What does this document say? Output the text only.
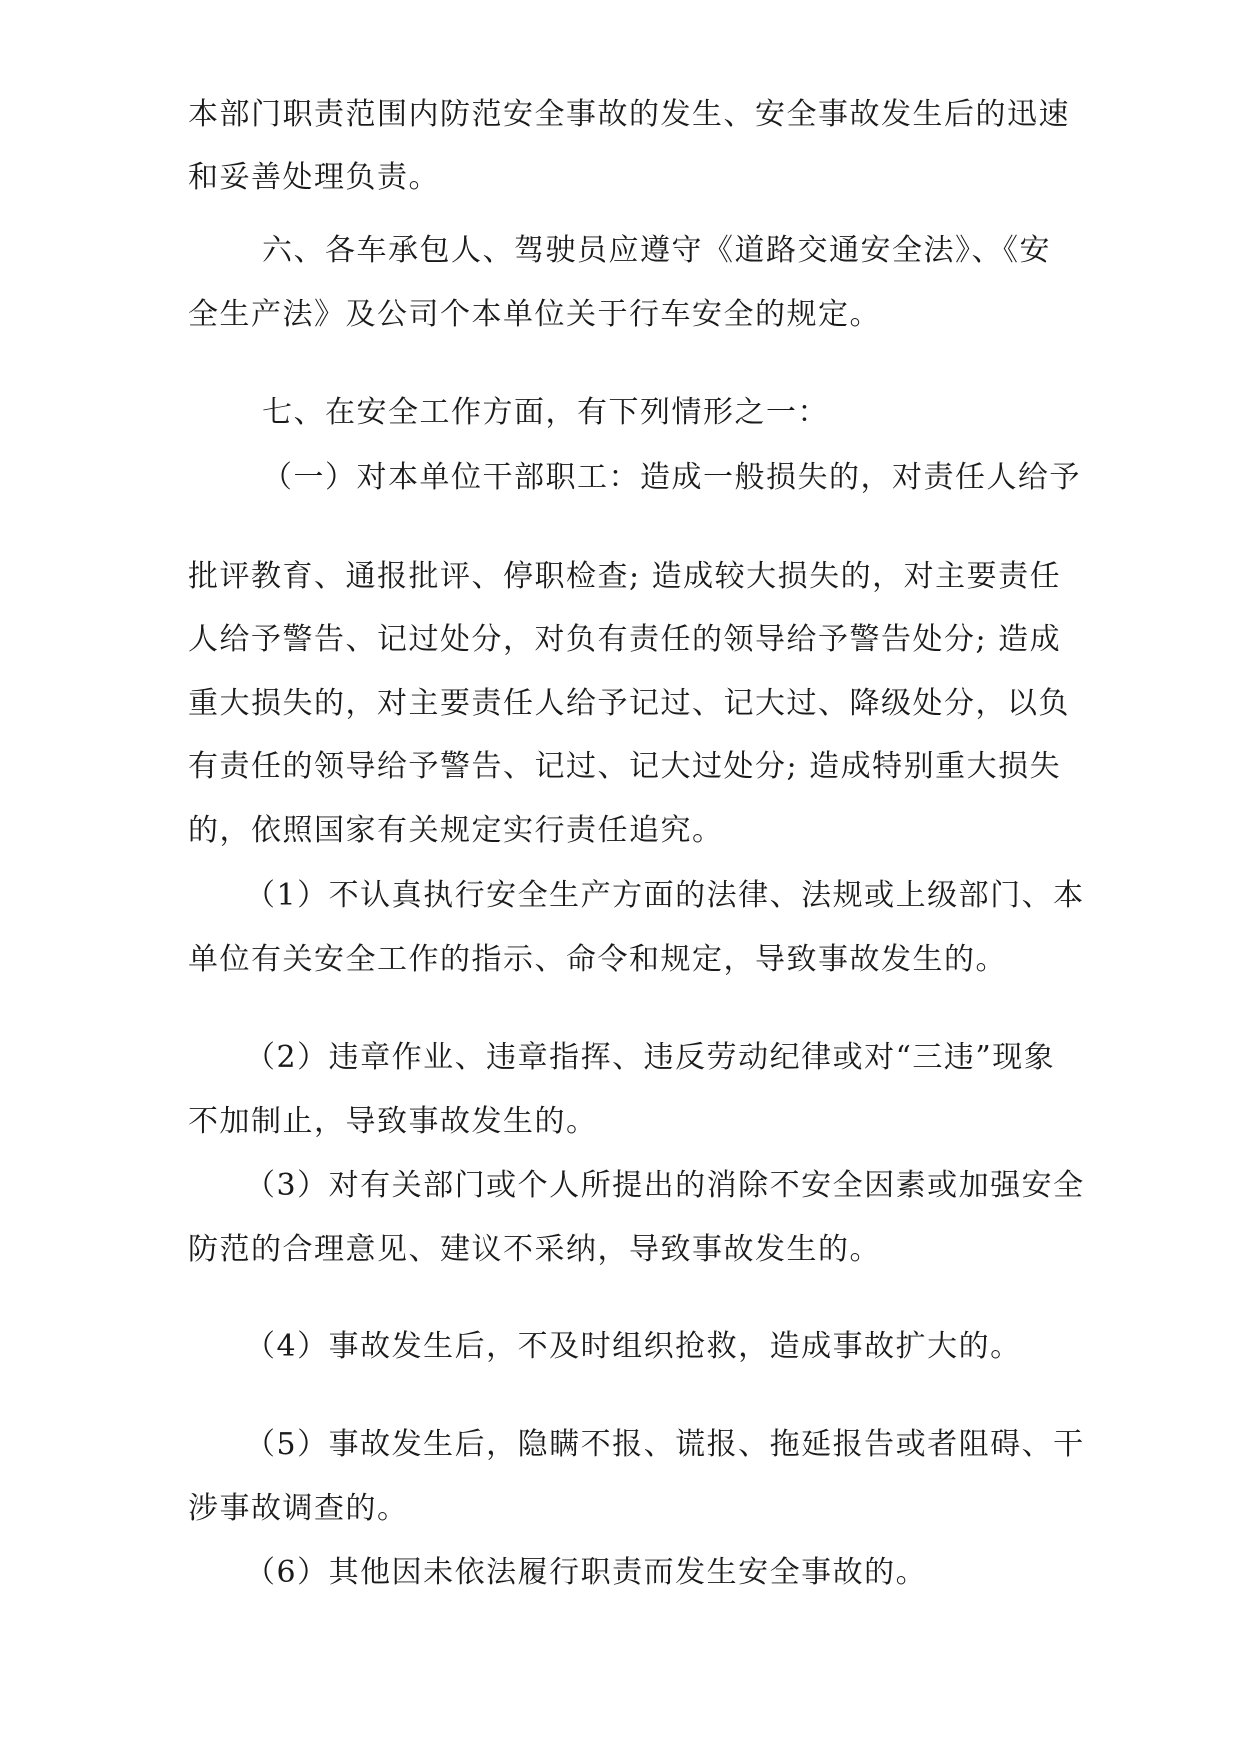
本部门职责范围内防范安全事故的发生、安全事故发生后的迅速
和妥善处理负责。
六、各车承包人、驾驶员应遵守《道路交通安全法》、《安
全生产法》及公司个本单位关于行车安全的规定。
七、在安全工作方面，有下列情形之一：
（一）对本单位干部职工：造成一般损失的，对责任人给予
批评教育、通报批评、停职检查; 造成较大损失的，对主要责任
人给予警告、记过处分，对负有责任的领导给予警告处分; 造成
重大损失的，对主要责任人给予记过、记大过、降级处分，以负
有责任的领导给予警告、记过、记大过处分; 造成特别重大损失
的，依照国家有关规定实行责任追究。
（1）不认真执行安全生产方面的法律、法规或上级部门、本
单位有关安全工作的指示、命令和规定，导致事故发生的。
（2）违章作业、违章指挥、违反劳动纪律或对“三违”现象
不加制止，导致事故发生的。
（3）对有关部门或个人所提出的消除不安全因素或加强安全
防范的合理意见、建议不采纳，导致事故发生的。
（4）事故发生后，不及时组织抢救，造成事故扩大的。
（5）事故发生后，隐瞒不报、谎报、拖延报告或者阻碍、干
涉事故调查的。
（6）其他因未依法履行职责而发生安全事故的。
